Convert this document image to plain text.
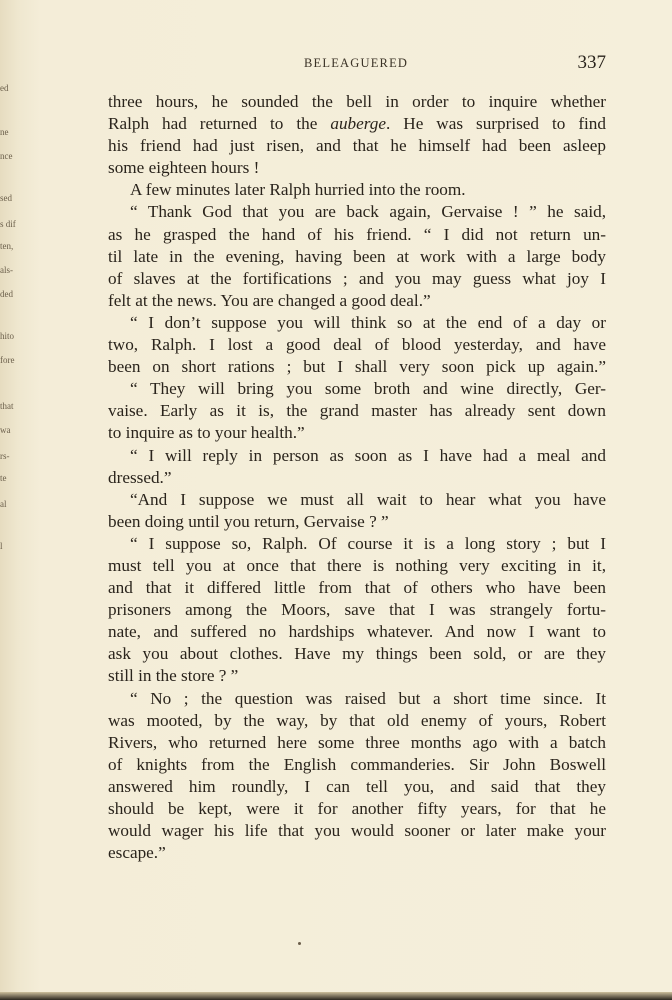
ed
ne
nce
sed
s dif
ten,
als-
ded
hito
fore
that
wa
rs-
te
al
l
BELEAGUERED	337
three hours, he sounded the bell in order to inquire whether
Ralph had returned to the auberge. He was surprised to find
his friend had just risen, and that he himself had been asleep
some eighteen hours !
A few minutes later Ralph hurried into the room.
“ Thank God that you are back again, Gervaise ! ” he said,
as he grasped the hand of his friend. “ I did not return un-
til late in the evening, having been at work with a large body
of slaves at the fortifications ; and you may guess what joy I
felt at the news. You are changed a good deal.”
“ I don’t suppose you will think so at the end of a day or
two, Ralph. I lost a good deal of blood yesterday, and have
been on short rations ; but I shall very soon pick up again.”
“ They will bring you some broth and wine directly, Ger-
vaise. Early as it is, the grand master has already sent down
to inquire as to your health.”
“ I will reply in person as soon as I have had a meal and
dressed.”
“And I suppose we must all wait to hear what you have
been doing until you return, Gervaise ? ”
“ I suppose so, Ralph. Of course it is a long story ; but I
must tell you at once that there is nothing very exciting in it,
and that it differed little from that of others who have been
prisoners among the Moors, save that I was strangely fortu-
nate, and suffered no hardships whatever. And now I want to
ask you about clothes. Have my things been sold, or are they
still in the store ? ”
“ No ; the question was raised but a short time since. It
was mooted, by the way, by that old enemy of yours, Robert
Rivers, who returned here some three months ago with a batch
of knights from the English commanderies. Sir John Boswell
answered him roundly, I can tell you, and said that they
should be kept, were it for another fifty years, for that he
would wager his life that you would sooner or later make your
escape.”
